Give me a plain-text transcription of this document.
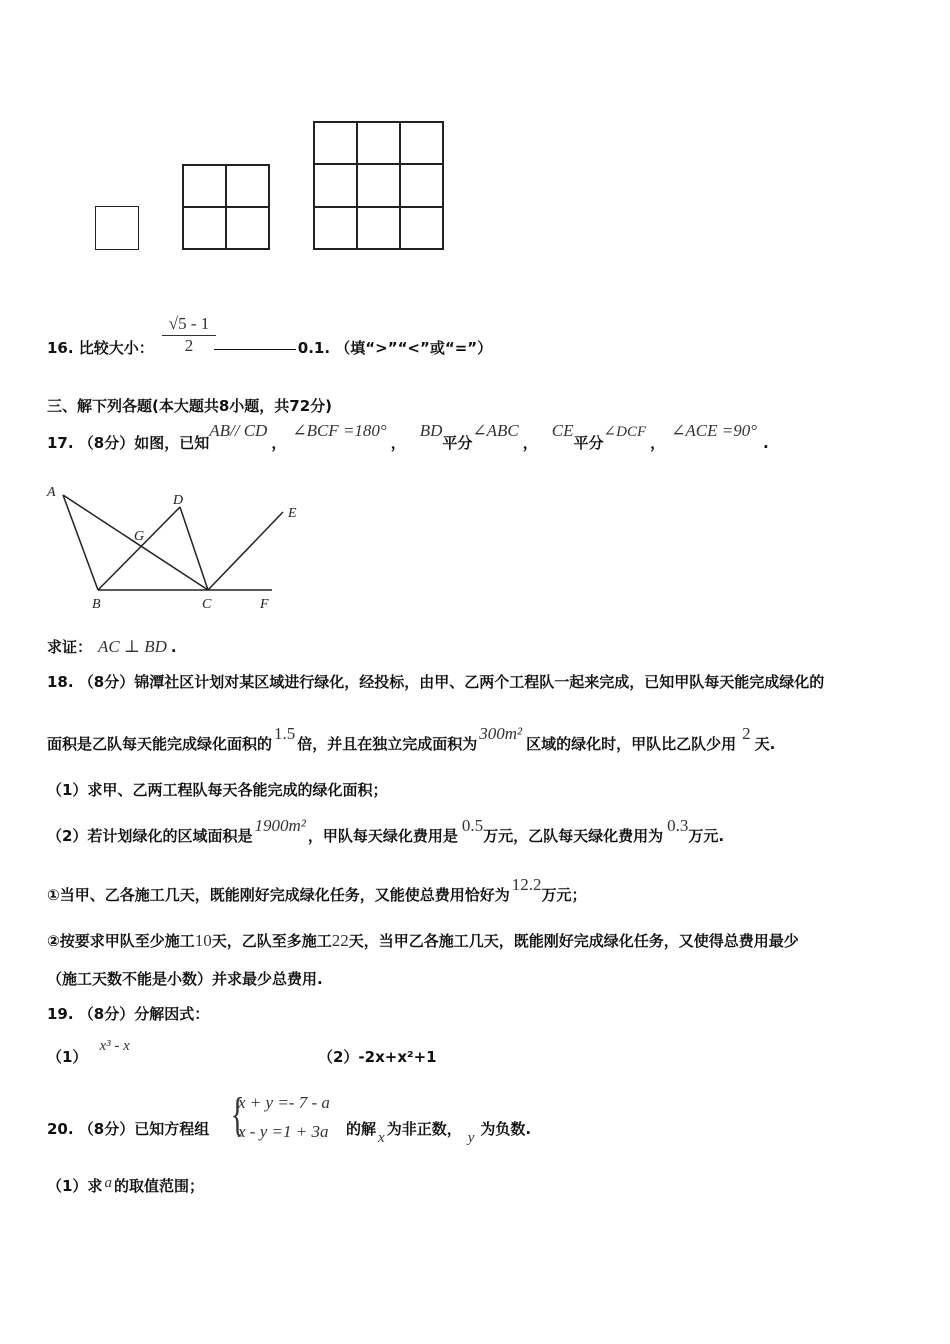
16. 比较大小：	0.1. （填“>”“<”或“=”）
$\frac{√5 - 1}{2}$
三、解下列各题(本大题共8小题，共72分)
17. （8分）如图，已知AB// CD，∠BCF =180°，BD平分∠ABC，CE平分∠DCF，∠ACE =90°.
A
D
E
G
B	C	F
求证： AC ⊥ BD .
18. （8分）锦潭社区计划对某区域进行绿化，经投标，由甲、乙两个工程队一起来完成，已知甲队每天能完成绿化的
面积是乙队每天能完成绿化面积的1.5倍，并且在独立完成面积为300m²区域的绿化时，甲队比乙队少用2天.
（1）求甲、乙两工程队每天各能完成的绿化面积；
（2）若计划绿化的区域面积是1900m²，甲队每天绿化费用是0.5万元，乙队每天绿化费用为0.3万元.
①当甲、乙各施工几天，既能刚好完成绿化任务，又能使总费用恰好为12.2万元；
②按要求甲队至少施工10天，乙队至多施工22天，当甲乙各施工几天，既能刚好完成绿化任务，又使得总费用最少
（施工天数不能是小数）并求最少总费用.
19. （8分）分解因式：
（1）x³ - x
（2）-2x+x²+1
20. （8分）已知方程组 {
x + y =- 7 - a
x - y =1 + 3a 的解 x 为非正数， y 为负数.
（1）求 a 的取值范围；
